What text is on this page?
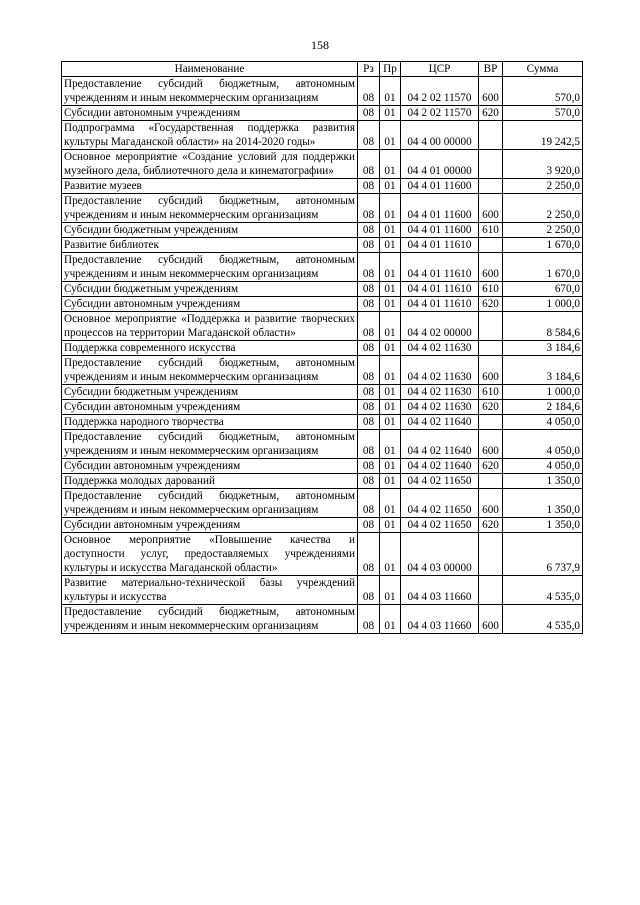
158
Наименование	Рз	Пр	ЦСР	ВР	Сумма
Предоставление субсидий бюджетным, автономным учреждениям и иным некоммерческим организациям	08	01	04 2 02 11570	600	570,0
Субсидии автономным учреждениям	08	01	04 2 02 11570	620	570,0
Подпрограмма «Государственная поддержка развития культуры Магаданской области» на 2014-2020 годы»	08	01	04 4 00 00000		19 242,5
Основное мероприятие «Создание условий для поддержки музейного дела, библиотечного дела и кинематографии»	08	01	04 4 01 00000		3 920,0
Развитие музеев	08	01	04 4 01 11600		2 250,0
Предоставление субсидий бюджетным, автономным учреждениям и иным некоммерческим организациям	08	01	04 4 01 11600	600	2 250,0
Субсидии бюджетным учреждениям	08	01	04 4 01 11600	610	2 250,0
Развитие библиотек	08	01	04 4 01 11610		1 670,0
Предоставление субсидий бюджетным, автономным учреждениям и иным некоммерческим организациям	08	01	04 4 01 11610	600	1 670,0
Субсидии бюджетным учреждениям	08	01	04 4 01 11610	610	670,0
Субсидии автономным учреждениям	08	01	04 4 01 11610	620	1 000,0
Основное мероприятие «Поддержка и развитие творческих процессов на территории Магаданской области»	08	01	04 4 02 00000		8 584,6
Поддержка современного искусства	08	01	04 4 02 11630		3 184,6
Предоставление субсидий бюджетным, автономным учреждениям и иным некоммерческим организациям	08	01	04 4 02 11630	600	3 184,6
Субсидии бюджетным учреждениям	08	01	04 4 02 11630	610	1 000,0
Субсидии автономным учреждениям	08	01	04 4 02 11630	620	2 184,6
Поддержка народного творчества	08	01	04 4 02 11640		4 050,0
Предоставление субсидий бюджетным, автономным учреждениям и иным некоммерческим организациям	08	01	04 4 02 11640	600	4 050,0
Субсидии автономным учреждениям	08	01	04 4 02 11640	620	4 050,0
Поддержка молодых дарований	08	01	04 4 02 11650		1 350,0
Предоставление субсидий бюджетным, автономным учреждениям и иным некоммерческим организациям	08	01	04 4 02 11650	600	1 350,0
Субсидии автономным учреждениям	08	01	04 4 02 11650	620	1 350,0
Основное мероприятие «Повышение качества и доступности услуг, предоставляемых учреждениями культуры и искусства Магаданской области»	08	01	04 4 03 00000		6 737,9
Развитие материально-технической базы учреждений культуры и искусства	08	01	04 4 03 11660		4 535,0
Предоставление субсидий бюджетным, автономным учреждениям и иным некоммерческим организациям	08	01	04 4 03 11660	600	4 535,0
